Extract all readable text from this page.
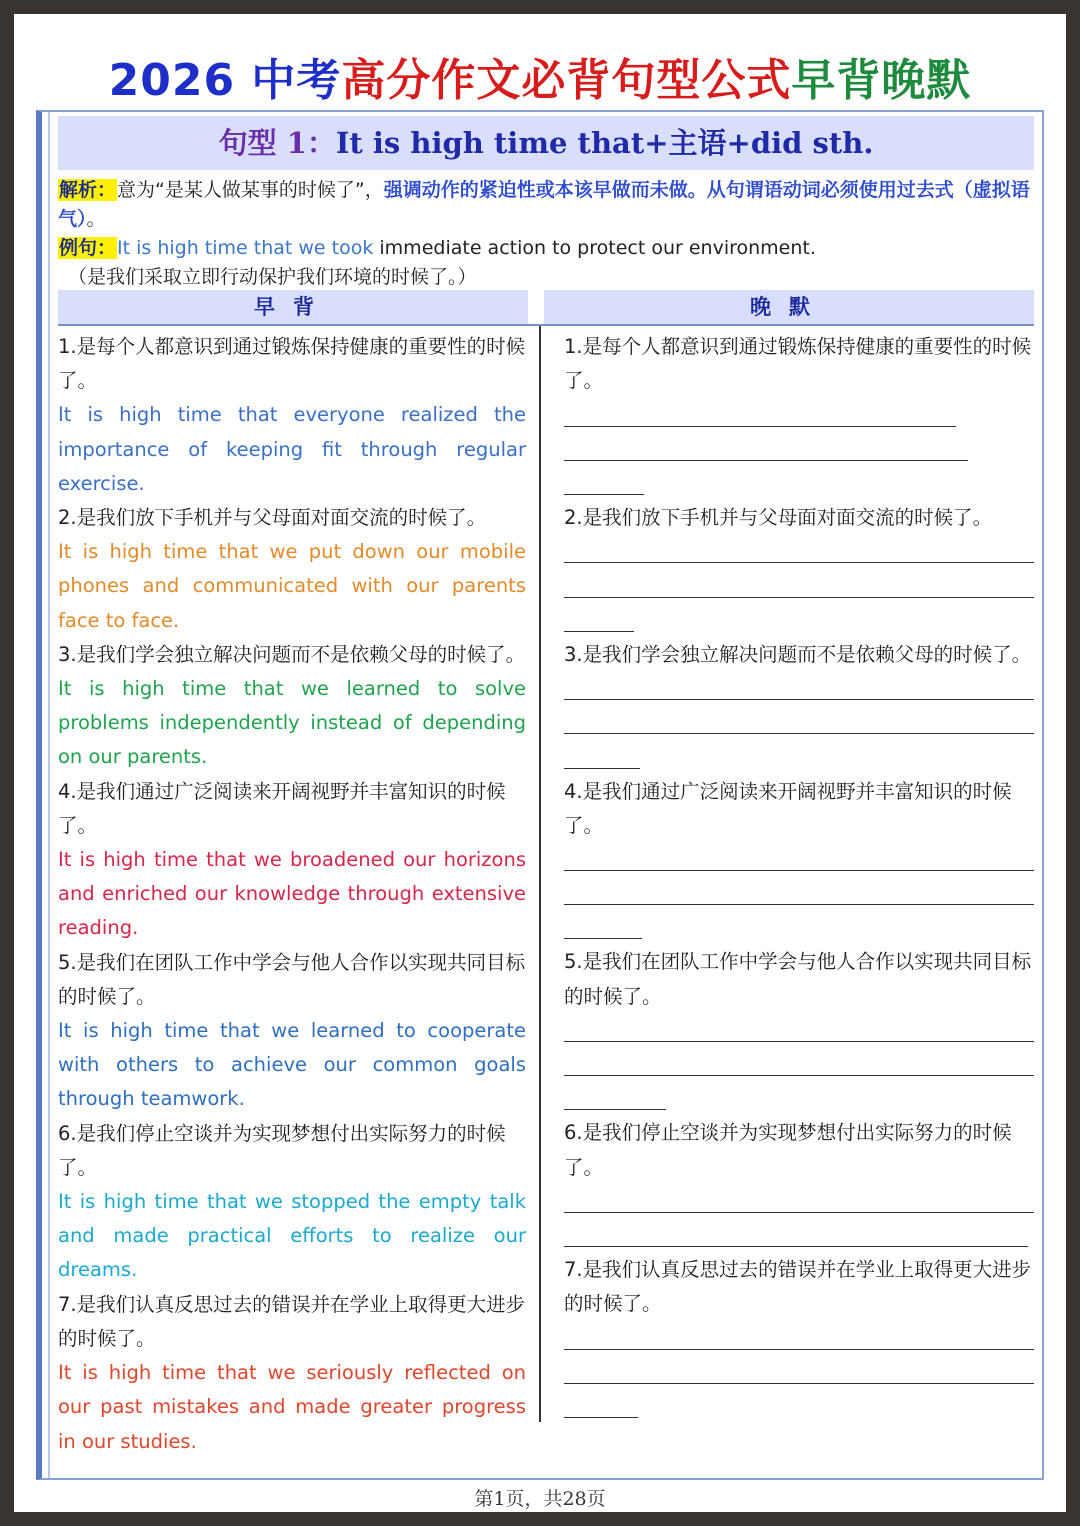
2026 中考高分作文必背句型公式早背晚默
句型 1：It is high time that+主语+did sth.
解析：意为“是某人做某事的时候了”，强调动作的紧迫性或本该早做而未做。从句谓语动词必须使用过去式（虚拟语气）。
例句：It is high time that we took immediate action to protect our environment.
（是我们采取立即行动保护我们环境的时候了。）
早背	晚默
1.是每个人都意识到通过锻炼保持健康的重要性的时候了。
It is high time that everyone realized the importance of keeping fit through regular exercise.
2.是我们放下手机并与父母面对面交流的时候了。
It is high time that we put down our mobile phones and communicated with our parents face to face.
3.是我们学会独立解决问题而不是依赖父母的时候了。
It is high time that we learned to solve problems independently instead of depending on our parents.
4.是我们通过广泛阅读来开阔视野并丰富知识的时候了。
It is high time that we broadened our horizons and enriched our knowledge through extensive reading.
5.是我们在团队工作中学会与他人合作以实现共同目标的时候了。
It is high time that we learned to cooperate with others to achieve our common goals through teamwork.
6.是我们停止空谈并为实现梦想付出实际努力的时候了。
It is high time that we stopped the empty talk and made practical efforts to realize our dreams.
7.是我们认真反思过去的错误并在学业上取得更大进步的时候了。
It is high time that we seriously reflected on our past mistakes and made greater progress in our studies.
1.是每个人都意识到通过锻炼保持健康的重要性的时候了。
2.是我们放下手机并与父母面对面交流的时候了。
3.是我们学会独立解决问题而不是依赖父母的时候了。
4.是我们通过广泛阅读来开阔视野并丰富知识的时候了。
5.是我们在团队工作中学会与他人合作以实现共同目标的时候了。
6.是我们停止空谈并为实现梦想付出实际努力的时候了。
7.是我们认真反思过去的错误并在学业上取得更大进步的时候了。
第1页，共28页
